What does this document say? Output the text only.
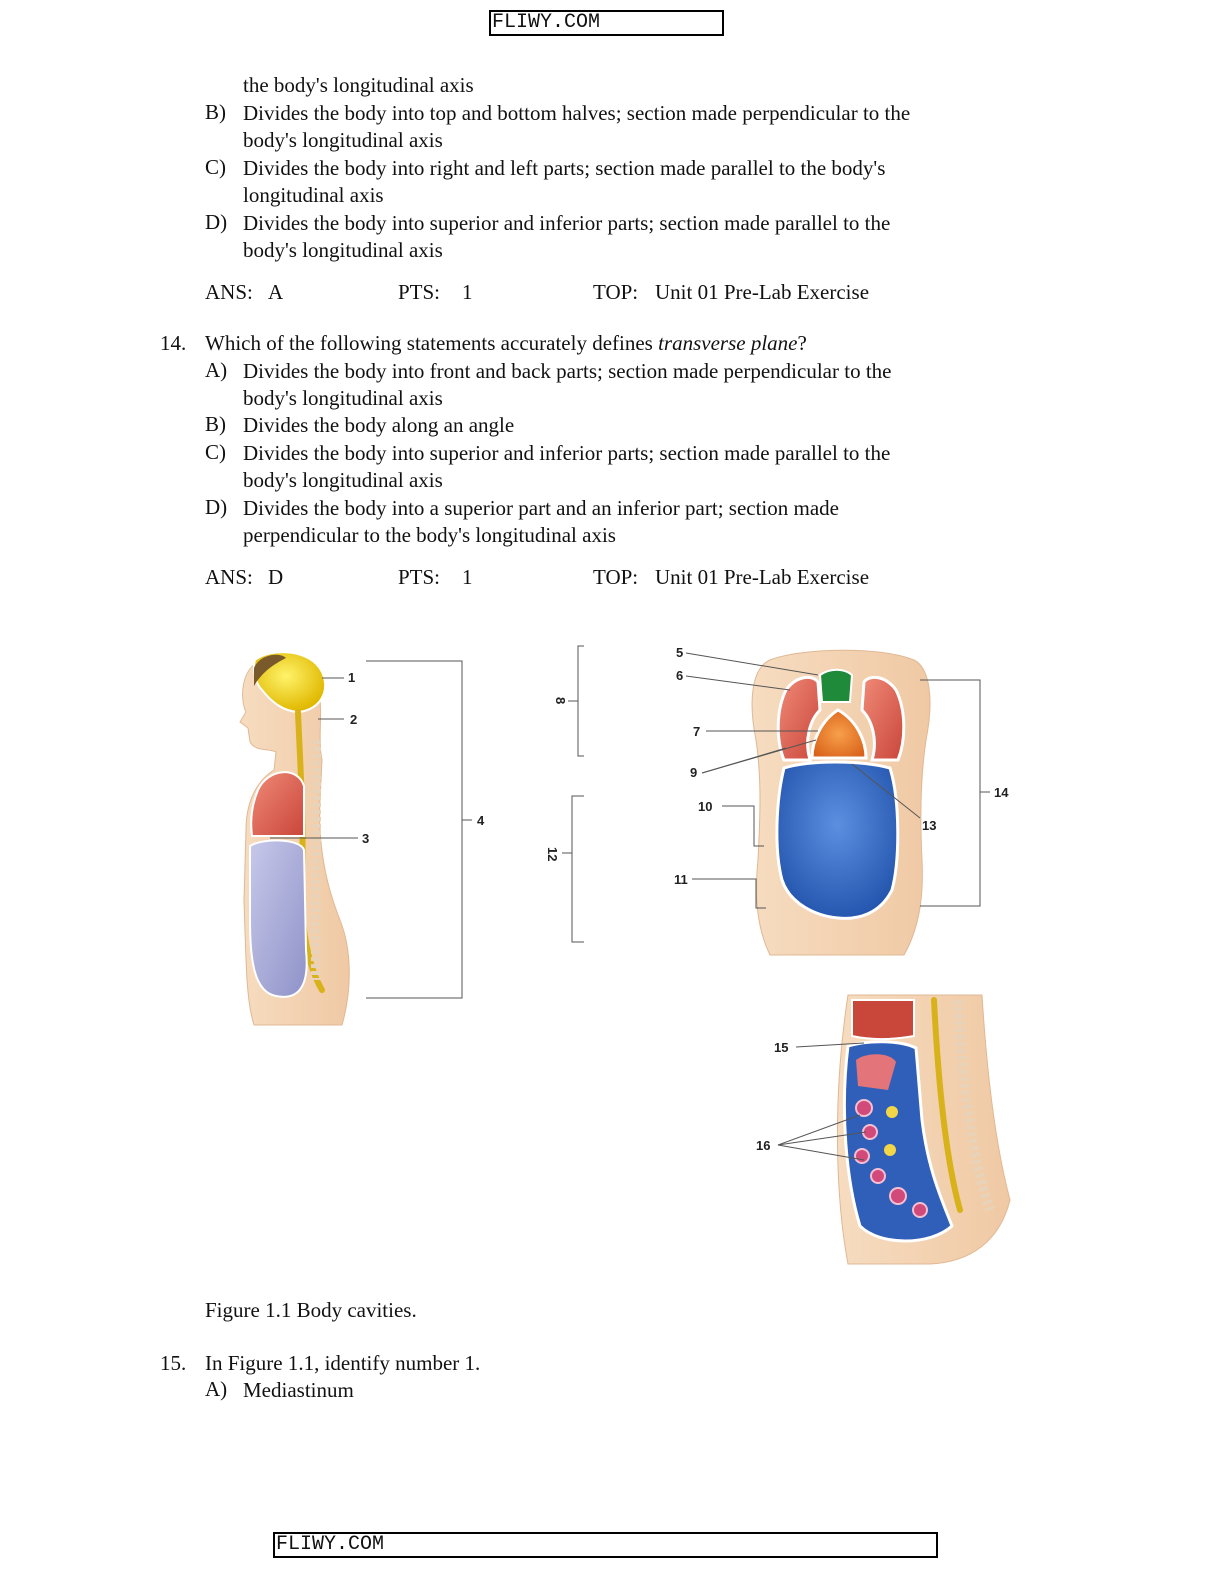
FLIWY.COM
the body's longitudinal axis
B) Divides the body into top and bottom halves; section made perpendicular to the
body's longitudinal axis
C) Divides the body into right and left parts; section made parallel to the body's
longitudinal axis
D) Divides the body into superior and inferior parts; section made parallel to the
body's longitudinal axis
ANS: A	PTS: 1	TOP: Unit 01 Pre-Lab Exercise
14. Which of the following statements accurately defines transverse plane?
A) Divides the body into front and back parts; section made perpendicular to the
body's longitudinal axis
B) Divides the body along an angle
C) Divides the body into superior and inferior parts; section made parallel to the
body's longitudinal axis
D) Divides the body into a superior part and an inferior part; section made
perpendicular to the body's longitudinal axis
ANS: D	PTS: 1	TOP: Unit 01 Pre-Lab Exercise
1
2
3
4
8
12
5
6
7
9
10
11
13
14
15
16
Figure 1.1 Body cavities.
15. In Figure 1.1, identify number 1.
A) Mediastinum
FLIWY.COM
